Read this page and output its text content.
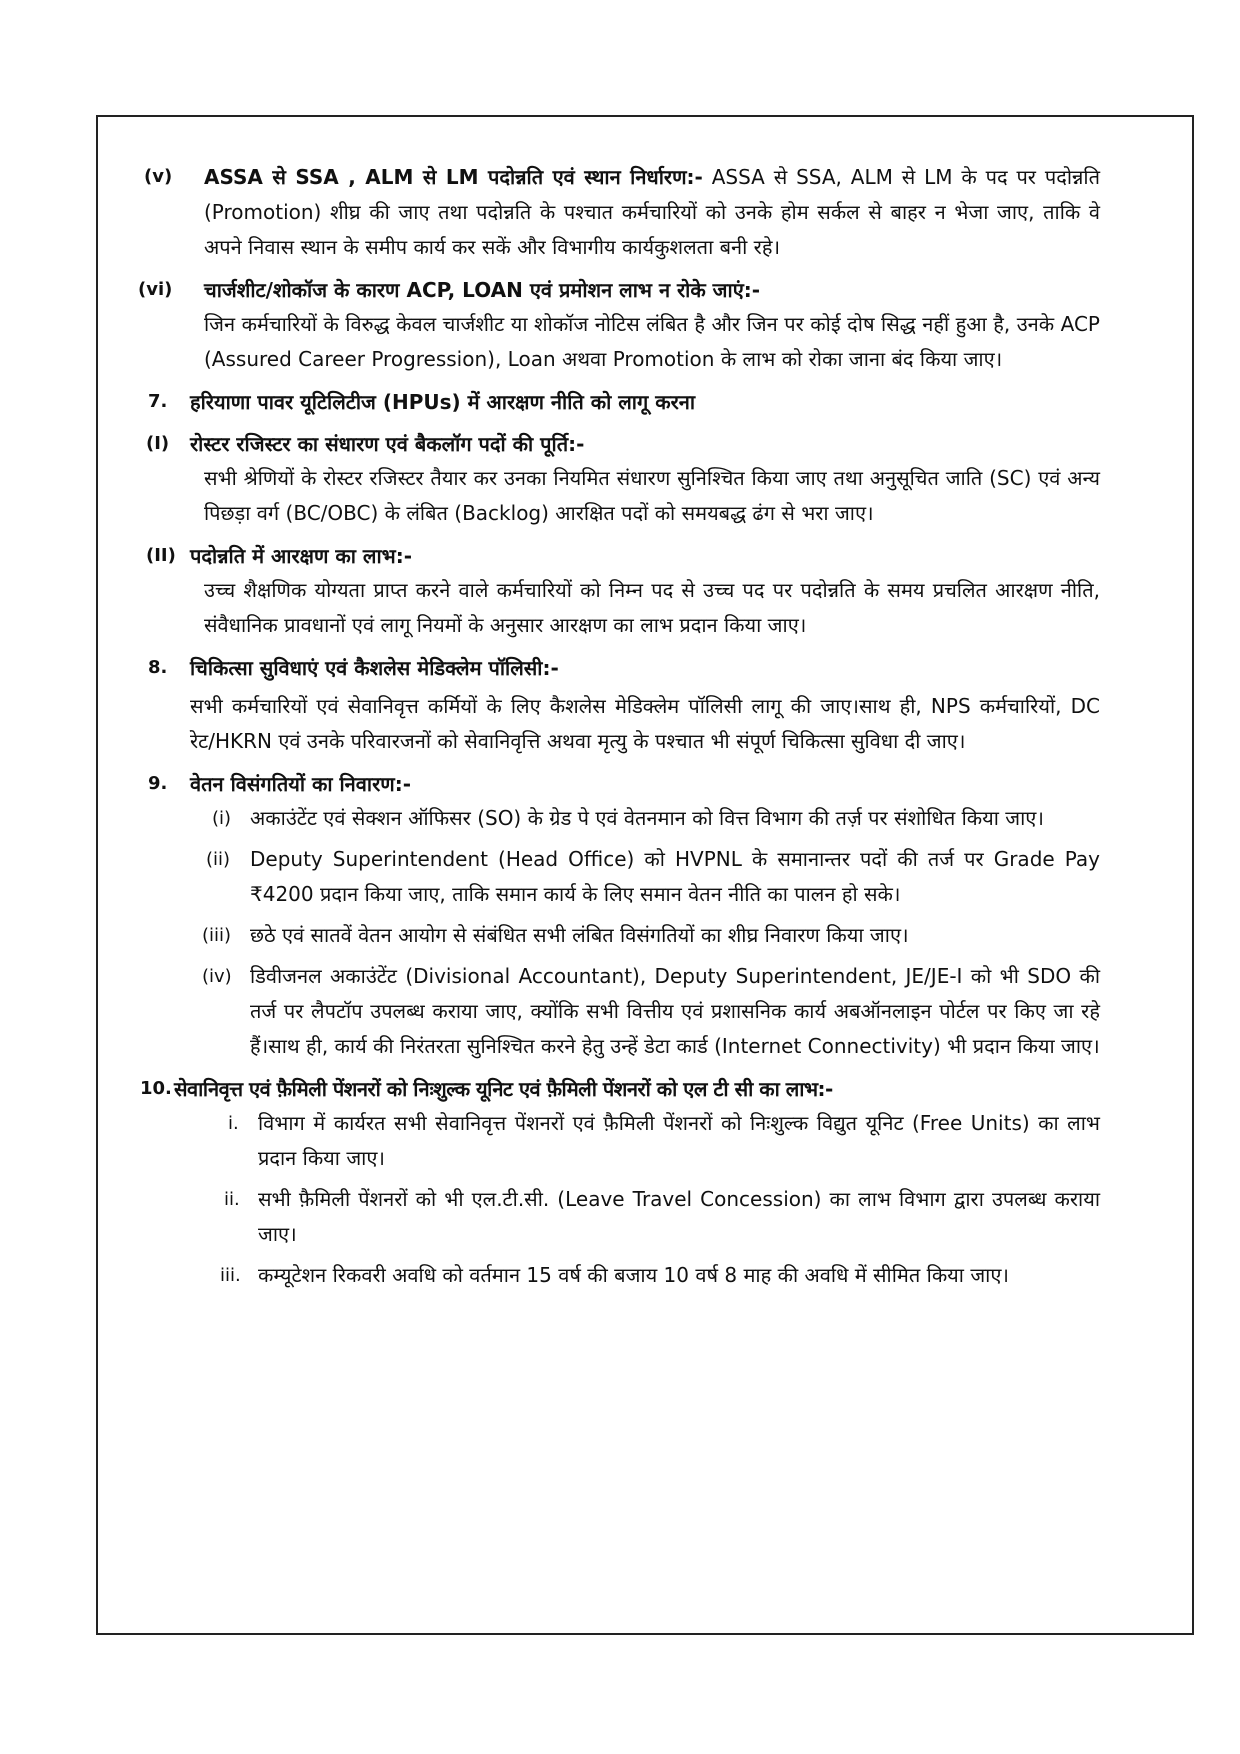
(v) ASSA से SSA , ALM से LM पदोन्नति एवं स्थान निर्धारण:- ASSA से SSA, ALM से LM के पद पर पदोन्नति (Promotion) शीघ्र की जाए तथा पदोन्नति के पश्चात कर्मचारियों को उनके होम सर्कल से बाहर न भेजा जाए, ताकि वे अपने निवास स्थान के समीप कार्य कर सकें और विभागीय कार्यकुशलता बनी रहे।
(vi) चार्जशीट/शोकॉज के कारण ACP, LOAN एवं प्रमोशन लाभ न रोके जाएं:-
जिन कर्मचारियों के विरुद्ध केवल चार्जशीट या शोकॉज नोटिस लंबित है और जिन पर कोई दोष सिद्ध नहीं हुआ है, उनके ACP (Assured Career Progression), Loan अथवा Promotion के लाभ को रोका जाना बंद किया जाए।
7. हरियाणा पावर यूटिलिटीज (HPUs) में आरक्षण नीति को लागू करना
(I) रोस्टर रजिस्टर का संधारण एवं बैकलॉग पदों की पूर्ति:-
सभी श्रेणियों के रोस्टर रजिस्टर तैयार कर उनका नियमित संधारण सुनिश्चित किया जाए तथा अनुसूचित जाति (SC) एवं अन्य पिछड़ा वर्ग (BC/OBC) के लंबित (Backlog) आरक्षित पदों को समयबद्ध ढंग से भरा जाए।
(II) पदोन्नति में आरक्षण का लाभ:-
उच्च शैक्षणिक योग्यता प्राप्त करने वाले कर्मचारियों को निम्न पद से उच्च पद पर पदोन्नति के समय प्रचलित आरक्षण नीति, संवैधानिक प्रावधानों एवं लागू नियमों के अनुसार आरक्षण का लाभ प्रदान किया जाए।
8. चिकित्सा सुविधाएं एवं कैशलेस मेडिक्लेम पॉलिसी:-
सभी कर्मचारियों एवं सेवानिवृत्त कर्मियों के लिए कैशलेस मेडिक्लेम पॉलिसी लागू की जाए।साथ ही, NPS कर्मचारियों, DC रेट/HKRN एवं उनके परिवारजनों को सेवानिवृत्ति अथवा मृत्यु के पश्चात भी संपूर्ण चिकित्सा सुविधा दी जाए।
9. वेतन विसंगतियों का निवारण:-
(i) अकाउंटेंट एवं सेक्शन ऑफिसर (SO) के ग्रेड पे एवं वेतनमान को वित्त विभाग की तर्ज़ पर संशोधित किया जाए।
(ii) Deputy Superintendent (Head Office) को HVPNL के समानान्तर पदों की तर्ज पर Grade Pay ₹4200 प्रदान किया जाए, ताकि समान कार्य के लिए समान वेतन नीति का पालन हो सके।
(iii) छठे एवं सातवें वेतन आयोग से संबंधित सभी लंबित विसंगतियों का शीघ्र निवारण किया जाए।
(iv) डिवीजनल अकाउंटेंट (Divisional Accountant), Deputy Superintendent, JE/JE-I को भी SDO की तर्ज पर लैपटॉप उपलब्ध कराया जाए, क्योंकि सभी वित्तीय एवं प्रशासनिक कार्य अबऑनलाइन पोर्टल पर किए जा रहे हैं।साथ ही, कार्य की निरंतरता सुनिश्चित करने हेतु उन्हें डेटा कार्ड (Internet Connectivity) भी प्रदान किया जाए।
10. सेवानिवृत्त एवं फ़ैमिली पेंशनरों को निःशुल्क यूनिट एवं फ़ैमिली पेंशनरों को एल टी सी का लाभ:-
i. विभाग में कार्यरत सभी सेवानिवृत्त पेंशनरों एवं फ़ैमिली पेंशनरों को निःशुल्क विद्युत यूनिट (Free Units) का लाभ प्रदान किया जाए।
ii. सभी फ़ैमिली पेंशनरों को भी एल.टी.सी. (Leave Travel Concession) का लाभ विभाग द्वारा उपलब्ध कराया जाए।
iii. कम्यूटेशन रिकवरी अवधि को वर्तमान 15 वर्ष की बजाय 10 वर्ष 8 माह की अवधि में सीमित किया जाए।
